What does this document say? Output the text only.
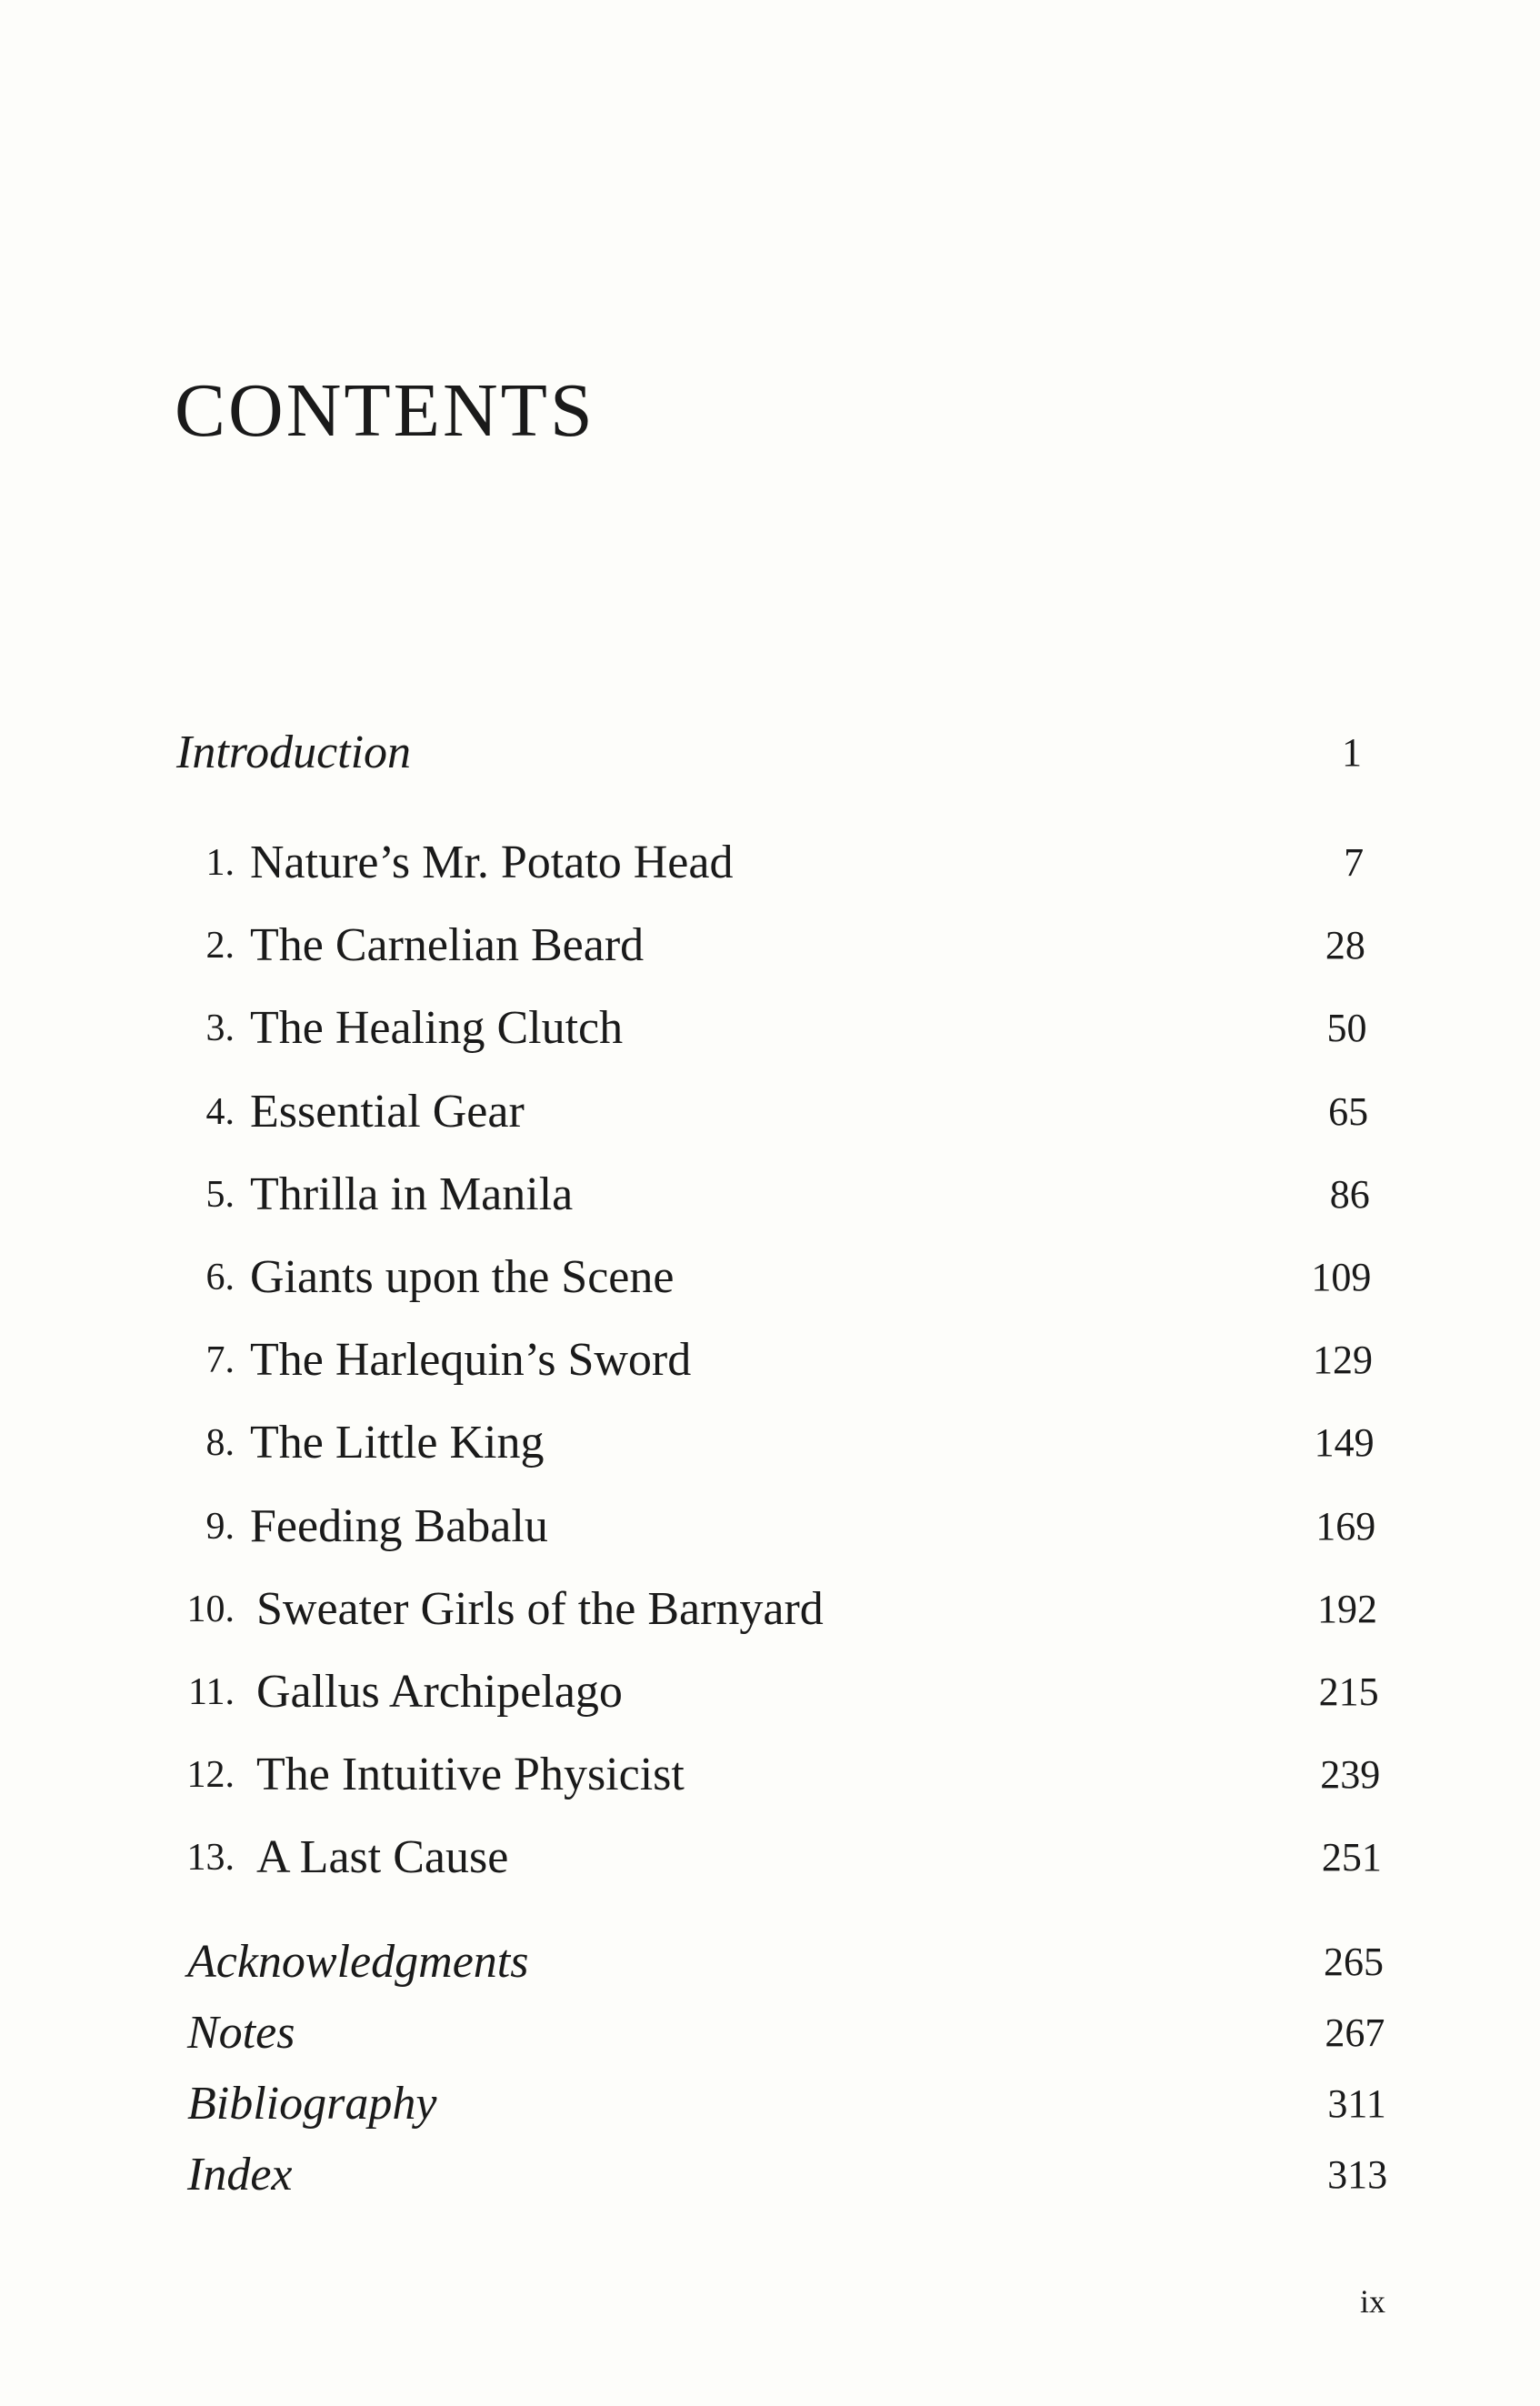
CONTENTS
Introduction	1
1. Nature’s Mr. Potato Head	7
2. The Carnelian Beard	28
3. The Healing Clutch	50
4. Essential Gear	65
5. Thrilla in Manila	86
6. Giants upon the Scene	109
7. The Harlequin’s Sword	129
8. The Little King	149
9. Feeding Babalu	169
10. Sweater Girls of the Barnyard	192
11. Gallus Archipelago	215
12. The Intuitive Physicist	239
13. A Last Cause	251
Acknowledgments	265
Notes	267
Bibliography	311
Index	313
ix
